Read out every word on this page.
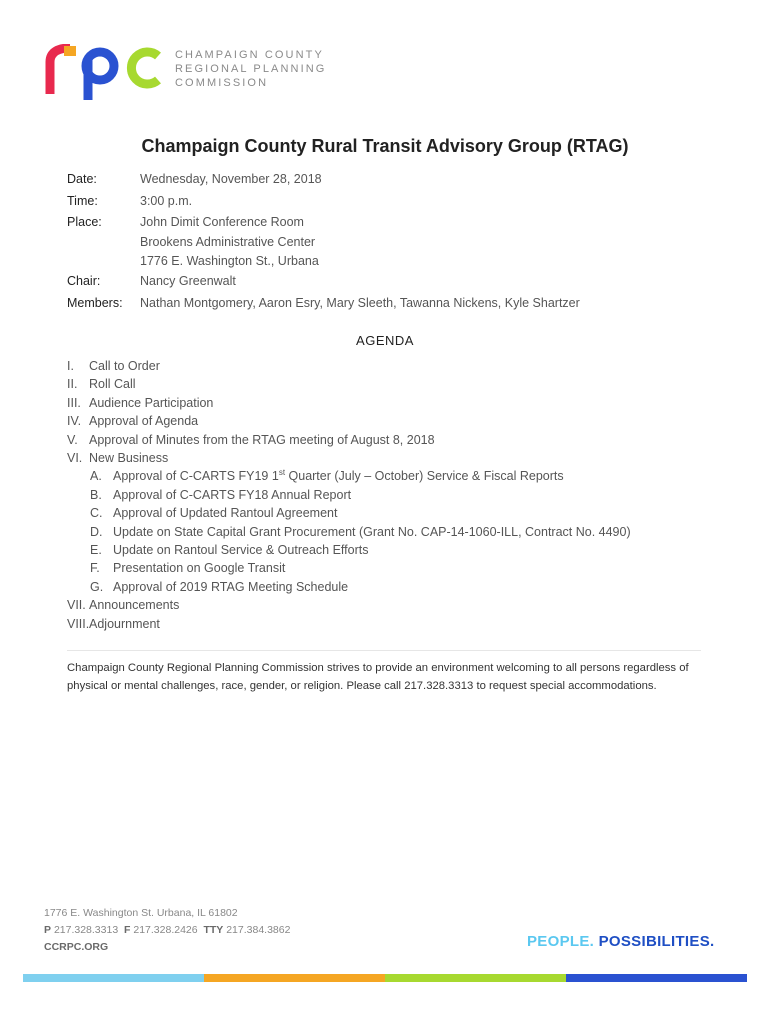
CHAMPAIGN COUNTY
REGIONAL PLANNING
COMMISSION
Champaign County Rural Transit Advisory Group (RTAG)
Date:	Wednesday, November 28, 2018
Time:	3:00 p.m.
Place:	John Dimit Conference Room
Brookens Administrative Center
1776 E. Washington St., Urbana
Chair:	Nancy Greenwalt
Members: Nathan Montgomery, Aaron Esry, Mary Sleeth, Tawanna Nickens, Kyle Shartzer
AGENDA
I. Call to Order
II. Roll Call
III. Audience Participation
IV. Approval of Agenda
V. Approval of Minutes from the RTAG meeting of August 8, 2018
VI. New Business
A. Approval of C-CARTS FY19 1st Quarter (July – October) Service & Fiscal Reports
B. Approval of C-CARTS FY18 Annual Report
C. Approval of Updated Rantoul Agreement
D. Update on State Capital Grant Procurement (Grant No. CAP-14-1060-ILL, Contract No. 4490)
E. Update on Rantoul Service & Outreach Efforts
F. Presentation on Google Transit
G. Approval of 2019 RTAG Meeting Schedule
VII. Announcements
VIII.Adjournment
Champaign County Regional Planning Commission strives to provide an environment welcoming to all persons regardless of physical or mental challenges, race, gender, or religion. Please call 217.328.3313 to request special accommodations.
1776 E. Washington St. Urbana, IL 61802
P 217.328.3313 F 217.328.2426 TTY 217.384.3862
CCRPC.ORG	PEOPLE. POSSIBILITIES.
